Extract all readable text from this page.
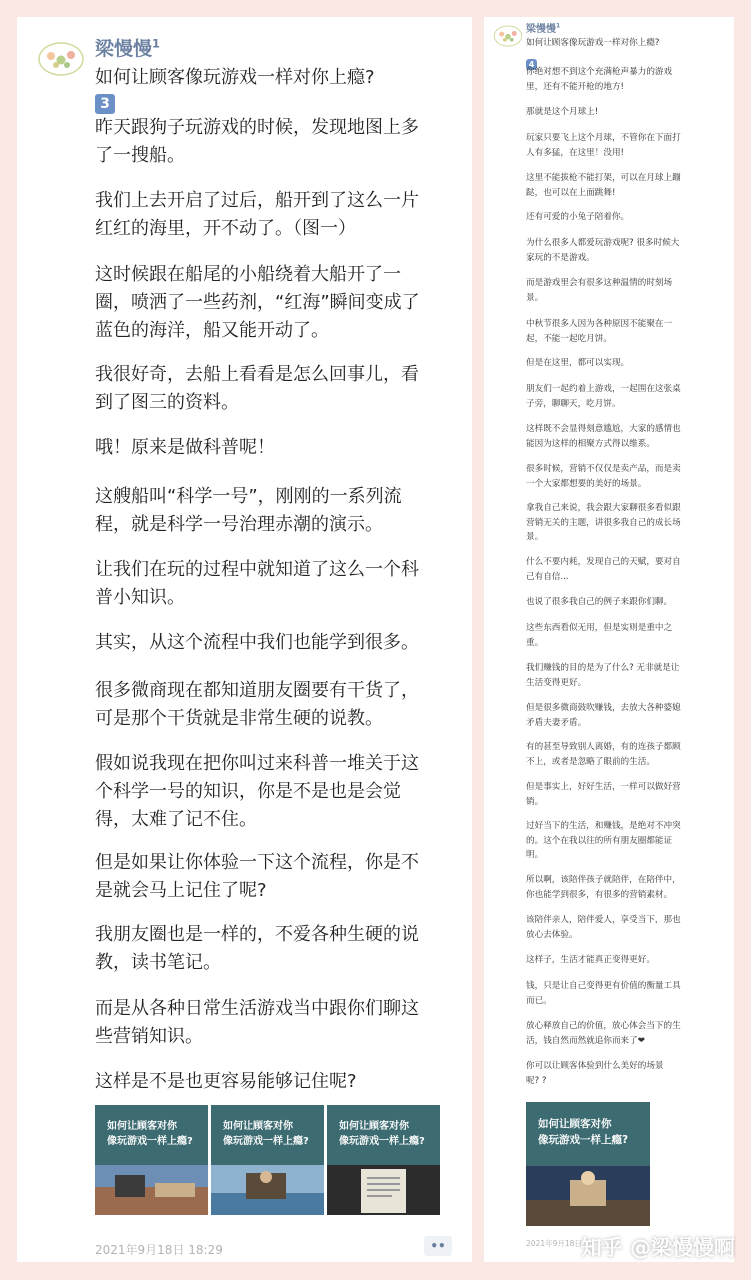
梁慢慢$^1$

如何让顾客像玩游戏一样对你上瘾?

3

昨天跟狗子玩游戏的时候，发现地图上多
了一搜船。

我们上去开启了过后，船开到了这么一片
红红的海里，开不动了。（图一）

这时候跟在船尾的小船绕着大船开了一
圈，喷洒了一些药剂，“红海”瞬间变成了
蓝色的海洋，船又能开动了。

我很好奇，去船上看看是怎么回事儿，看
到了图三的资料。

哦！原来是做科普呢！

这艘船叫“科学一号”，刚刚的一系列流
程，就是科学一号治理赤潮的演示。

让我们在玩的过程中就知道了这么一个科
普小知识。

其实，从这个流程中我们也能学到很多。

很多微商现在都知道朋友圈要有干货了，
可是那个干货就是非常生硬的说教。

假如说我现在把你叫过来科普一堆关于这
个科学一号的知识，你是不是也是会觉
得，太难了记不住。

但是如果让你体验一下这个流程，你是不
是就会马上记住了呢?

我朋友圈也是一样的，不爱各种生硬的说
教，读书笔记。

而是从各种日常生活游戏当中跟你们聊这
些营销知识。

这样是不是也更容易能够记住呢?

如何让顾客对你
像玩游戏一样上瘾?
如何让顾客对你
像玩游戏一样上瘾?
如何让顾客对你
像玩游戏一样上瘾?
2021年9月18日 18:29	••
梁慢慢$^1$

如何让顾客像玩游戏一样对你上瘾?

4

你绝对想不到这个充满枪声暴力的游戏
里，还有不能开枪的地方!

那就是这个月球上!

玩家只要飞上这个月球，不管你在下面打
人有多猛，在这里！没用!

这里不能拔枪不能打架，可以在月球上蹦
跶，也可以在上面跳舞!

还有可爱的小兔子陪着你。

为什么很多人都爱玩游戏呢? 很多时候大
家玩的不是游戏。

而是游戏里会有很多这种温情的时刻场
景。

中秋节很多人因为各种原因不能聚在一
起，不能一起吃月饼。

但是在这里，都可以实现。

朋友们一起约着上游戏，一起围在这张桌
子旁，聊聊天，吃月饼。

这样既不会显得刻意尴尬，大家的感情也
能因为这样的相聚方式得以维系。

很多时候，营销不仅仅是卖产品，而是卖
一个大家都想要的美好的场景。

拿我自己来说，我会跟大家聊很多看似跟
营销无关的主题，讲很多我自己的成长场
景。

什么不要内耗，发现自己的天赋，要对自
己有自信...

也说了很多我自己的例子来跟你们聊。

这些东西看似无用，但是实则是重中之
重。

我们赚钱的目的是为了什么? 无非就是让
生活变得更好。

但是很多微商鼓吹赚钱，去放大各种婆媳
矛盾夫妻矛盾。

有的甚至导致别人离婚，有的连孩子都顾
不上，或者是忽略了眼前的生活。

但是事实上，好好生活，一样可以做好营
销。

过好当下的生活，和赚钱，是绝对不冲突
的。这个在我以往的所有朋友圈都能证
明。

所以啊，该陪伴孩子就陪伴，在陪伴中，
你也能学到很多，有很多的营销素材。

该陪伴亲人，陪伴爱人，享受当下，那也
放心去体验。

这样子，生活才能真正变得更好。

钱，只是让自己变得更有价值的衡量工具
而已。

放心释放自己的价值，放心体会当下的生
活，钱自然而然就追你而来了❤

你可以让顾客体验到什么美好的场景
呢? ?

如何让顾客对你
像玩游戏一样上瘾?
2021年9月18日
知乎 @梁慢慢啊
